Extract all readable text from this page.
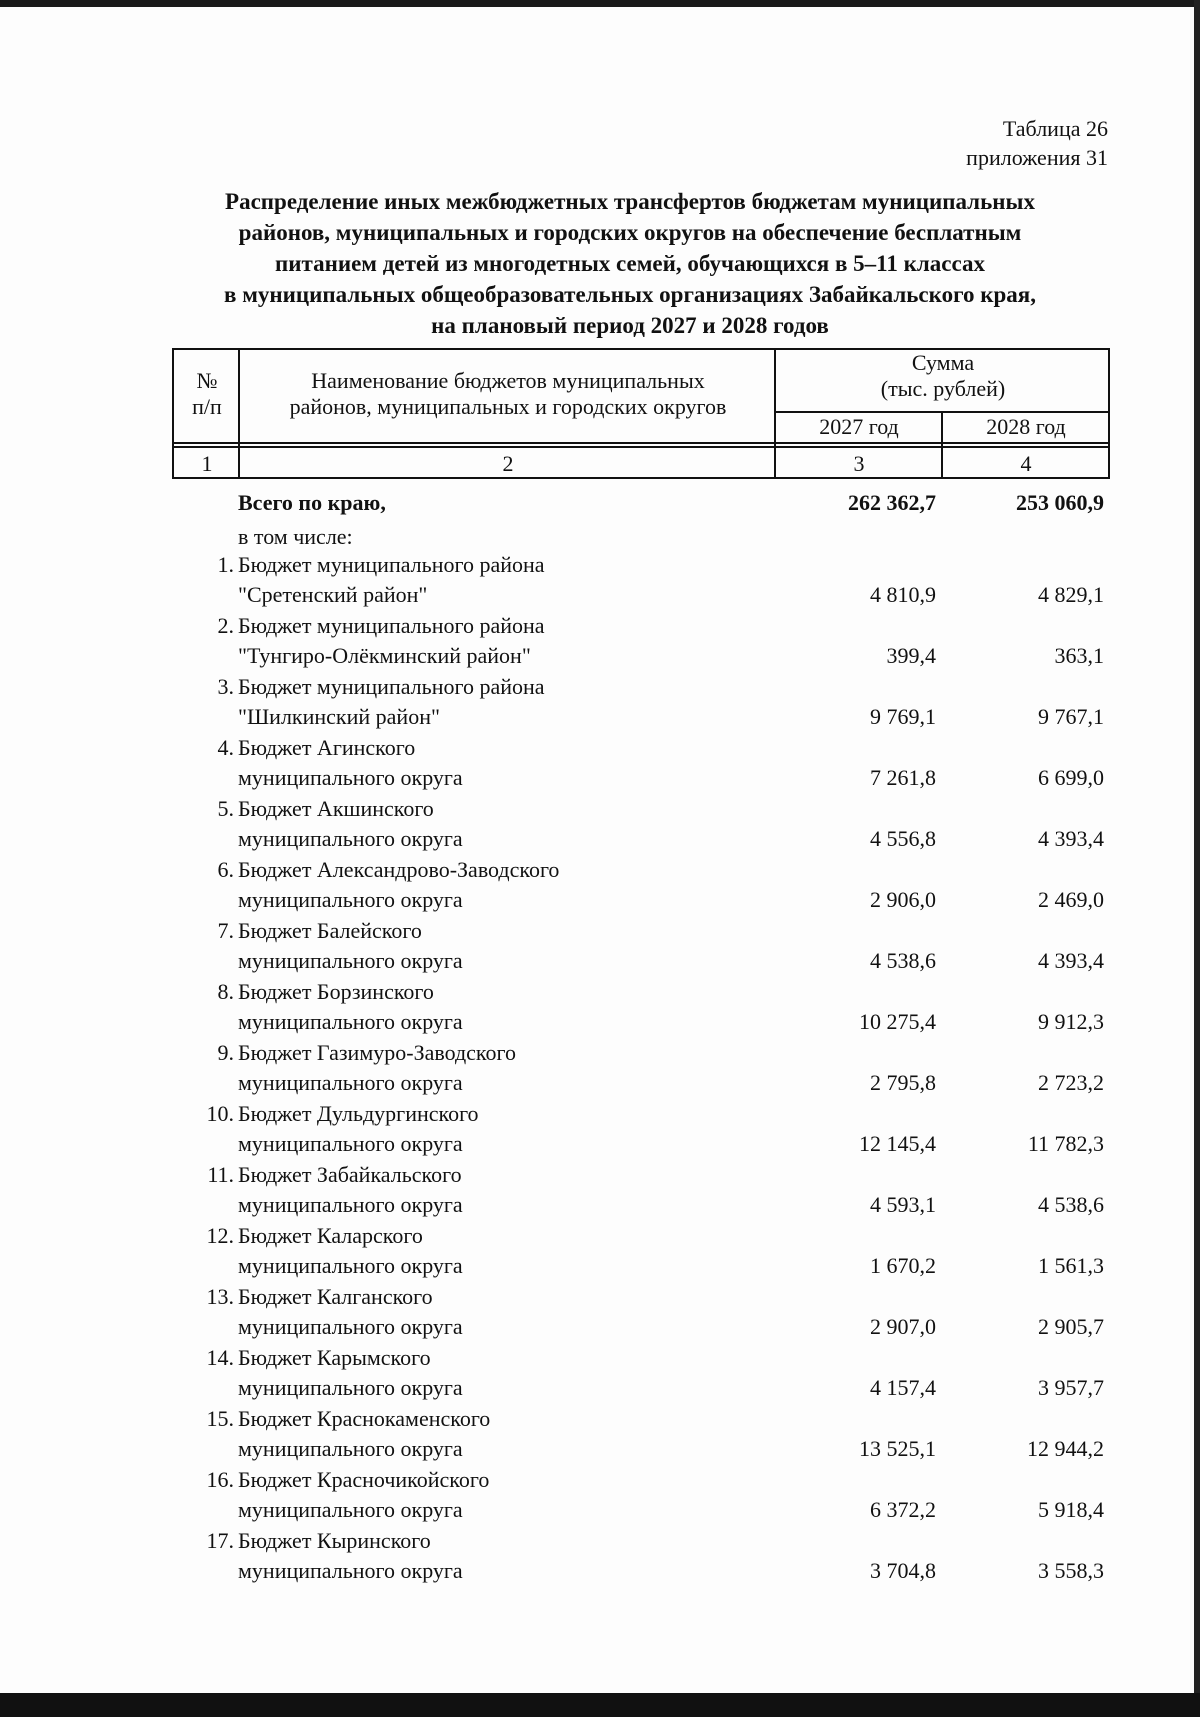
Таблица 26
приложения 31
Распределение иных межбюджетных трансфертов бюджетам муниципальных
районов, муниципальных и городских округов на обеспечение бесплатным
питанием детей из многодетных семей, обучающихся в 5–11 классах
в муниципальных общеобразовательных организациях Забайкальского края,
на плановый период 2027 и 2028 годов
№
п/п
Наименование бюджетов муниципальных
районов, муниципальных и городских округов
Сумма
(тыс. рублей)
2027 год	2028 год
1	2	3	4
Всего по краю,	262 362,7	253 060,9
в том числе:
1. Бюджет муниципального района
"Сретенский район"	4 810,9	4 829,1
2. Бюджет муниципального района
"Тунгиро-Олёкминский район"	399,4	363,1
3. Бюджет муниципального района
"Шилкинский район"	9 769,1	9 767,1
4. Бюджет Агинского
муниципального округа	7 261,8	6 699,0
5. Бюджет Акшинского
муниципального округа	4 556,8	4 393,4
6. Бюджет Александрово-Заводского
муниципального округа	2 906,0	2 469,0
7. Бюджет Балейского
муниципального округа	4 538,6	4 393,4
8. Бюджет Борзинского
муниципального округа	10 275,4	9 912,3
9. Бюджет Газимуро-Заводского
муниципального округа	2 795,8	2 723,2
10. Бюджет Дульдургинского
муниципального округа	12 145,4	11 782,3
11. Бюджет Забайкальского
муниципального округа	4 593,1	4 538,6
12. Бюджет Каларского
муниципального округа	1 670,2	1 561,3
13. Бюджет Калганского
муниципального округа	2 907,0	2 905,7
14. Бюджет Карымского
муниципального округа	4 157,4	3 957,7
15. Бюджет Краснокаменского
муниципального округа	13 525,1	12 944,2
16. Бюджет Красночикойского
муниципального округа	6 372,2	5 918,4
17. Бюджет Кыринского
муниципального округа	3 704,8	3 558,3
